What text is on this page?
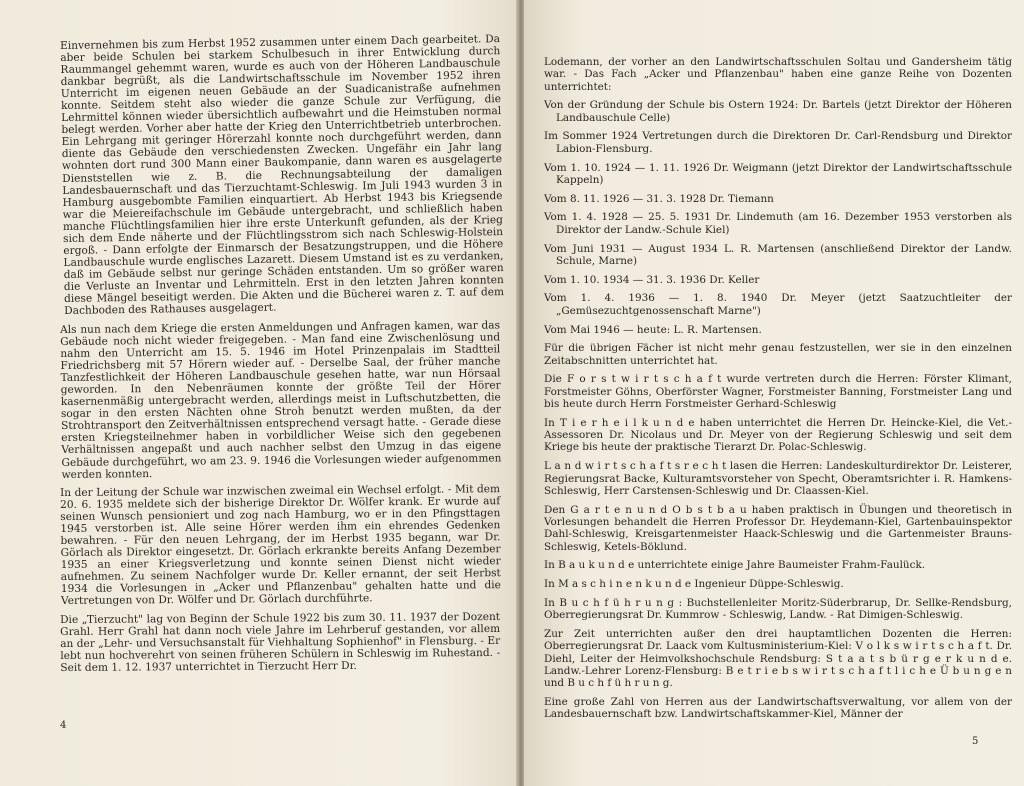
Einvernehmen bis zum Herbst 1952 zusammen unter einem Dach gearbeitet. Da aber beide Schulen bei starkem Schulbesuch in ihrer Entwicklung durch Raummangel gehemmt waren, wurde es auch von der Höheren Landbauschule dankbar begrüßt, als die Landwirtschaftsschule im November 1952 ihren Unterricht im eigenen neuen Gebäude an der Suadicanistraße aufnehmen konnte. Seitdem steht also wieder die ganze Schule zur Verfügung, die Lehrmittel können wieder übersichtlich aufbewahrt und die Heimstuben normal belegt werden. Vorher aber hatte der Krieg den Unterrichtbetrieb unterbrochen. Ein Lehrgang mit geringer Hörerzahl konnte noch durchgeführt werden, dann diente das Gebäude den verschiedensten Zwecken. Ungefähr ein Jahr lang wohnten dort rund 300 Mann einer Baukompanie, dann waren es ausgelagerte Dienststellen wie z. B. die Rechnungsabteilung der damaligen Landesbauernschaft und das Tierzuchtamt-Schleswig. Im Juli 1943 wurden 3 in Hamburg ausgebombte Familien einquartiert. Ab Herbst 1943 bis Kriegsende war die Meiereifachschule im Gebäude untergebracht, und schließlich haben manche Flüchtlingsfamilien hier ihre erste Unterkunft gefunden, als der Krieg sich dem Ende näherte und der Flüchtlingsstrom sich nach Schleswig-Holstein ergoß. - Dann erfolgte der Einmarsch der Besatzungstruppen, und die Höhere Landbauschule wurde englisches Lazarett. Diesem Umstand ist es zu verdanken, daß im Gebäude selbst nur geringe Schäden entstanden. Um so größer waren die Verluste an Inventar und Lehrmitteln. Erst in den letzten Jahren konnten diese Mängel beseitigt werden. Die Akten und die Bücherei waren z. T. auf dem Dachboden des Rathauses ausgelagert.

Als nun nach dem Kriege die ersten Anmeldungen und Anfragen kamen, war das Gebäude noch nicht wieder freigegeben. - Man fand eine Zwischenlösung und nahm den Unterricht am 15. 5. 1946 im Hotel Prinzenpalais im Stadtteil Friedrichsberg mit 57 Hörern wieder auf. - Derselbe Saal, der früher manche Tanzfestlichkeit der Höheren Landbauschule gesehen hatte, war nun Hörsaal geworden. In den Nebenräumen konnte der größte Teil der Hörer kasernenmäßig untergebracht werden, allerdings meist in Luftschutzbetten, die sogar in den ersten Nächten ohne Stroh benutzt werden mußten, da der Strohtransport den Zeitverhältnissen entsprechend versagt hatte. - Gerade diese ersten Kriegsteilnehmer haben in vorbildlicher Weise sich den gegebenen Verhältnissen angepaßt und auch nachher selbst den Umzug in das eigene Gebäude durchgeführt, wo am 23. 9. 1946 die Vorlesungen wieder aufgenommen werden konnten.

In der Leitung der Schule war inzwischen zweimal ein Wechsel erfolgt. - Mit dem 20. 6. 1935 meldete sich der bisherige Direktor Dr. Wölfer krank. Er wurde auf seinen Wunsch pensioniert und zog nach Hamburg, wo er in den Pfingsttagen 1945 verstorben ist. Alle seine Hörer werden ihm ein ehrendes Gedenken bewahren. - Für den neuen Lehrgang, der im Herbst 1935 begann, war Dr. Görlach als Direktor eingesetzt. Dr. Görlach erkrankte bereits Anfang Dezember 1935 an einer Kriegsverletzung und konnte seinen Dienst nicht wieder aufnehmen. Zu seinem Nachfolger wurde Dr. Keller ernannt, der seit Herbst 1934 die Vorlesungen in „Acker und Pflanzenbau" gehalten hatte und die Vertretungen von Dr. Wölfer und Dr. Görlach durchführte.

Die „Tierzucht" lag von Beginn der Schule 1922 bis zum 30. 11. 1937 der Dozent Grahl. Herr Grahl hat dann noch viele Jahre im Lehrberuf gestanden, vor allem an der „Lehr- und Versuchsanstalt für Viehhaltung Sophienhof" in Flensburg. - Er lebt nun hochverehrt von seinen früheren Schülern in Schleswig im Ruhestand. - Seit dem 1. 12. 1937 unterrichtet in Tierzucht Herr Dr.

4

Lodemann, der vorher an den Landwirtschaftsschulen Soltau und Gandersheim tätig war. - Das Fach „Acker und Pflanzenbau" haben eine ganze Reihe von Dozenten unterrichtet:

Von der Gründung der Schule bis Ostern 1924: Dr. Bartels (jetzt Direktor der Höheren Landbauschule Celle)

Im Sommer 1924 Vertretungen durch die Direktoren Dr. Carl-Rendsburg und Direktor Labion-Flensburg.

Vom 1. 10. 1924 — 1. 11. 1926 Dr. Weigmann (jetzt Direktor der Landwirtschaftsschule Kappeln)

Vom 8. 11. 1926 — 31. 3. 1928 Dr. Tiemann

Vom 1. 4. 1928 — 25. 5. 1931 Dr. Lindemuth (am 16. Dezember 1953 verstorben als Direktor der Landw.-Schule Kiel)

Vom Juni 1931 — August 1934 L. R. Martensen (anschließend Direktor der Landw. Schule, Marne)

Vom 1. 10. 1934 — 31. 3. 1936 Dr. Keller

Vom 1. 4. 1936 — 1. 8. 1940 Dr. Meyer (jetzt Saatzuchtleiter der „Gemüsezuchtgenossenschaft Marne")

Vom Mai 1946 — heute: L. R. Martensen.

Für die übrigen Fächer ist nicht mehr genau festzustellen, wer sie in den einzelnen Zeitabschnitten unterrichtet hat.

Die F o r s t w i r t s c h a f t wurde vertreten durch die Herren: Förster Klimant, Forstmeister Göhns, Oberförster Wagner, Forstmeister Banning, Forstmeister Lang und bis heute durch Herrn Forstmeister Gerhard-Schleswig

In T i e r h e i l k u n d e haben unterrichtet die Herren Dr. Heincke-Kiel, die Vet.-Assessoren Dr. Nicolaus und Dr. Meyer von der Regierung Schleswig und seit dem Kriege bis heute der praktische Tierarzt Dr. Polac-Schleswig.

L a n d w i r t s c h a f t s r e c h t lasen die Herren: Landeskulturdirektor Dr. Leisterer, Regierungsrat Backe, Kulturamtsvorsteher von Specht, Oberamtsrichter i. R. Hamkens-Schleswig, Herr Carstensen-Schleswig und Dr. Claassen-Kiel.

Den G a r t e n u n d O b s t b a u haben praktisch in Übungen und theoretisch in Vorlesungen behandelt die Herren Professor Dr. Heydemann-Kiel, Gartenbauinspektor Dahl-Schleswig, Kreisgartenmeister Haack-Schleswig und die Gartenmeister Brauns-Schleswig, Ketels-Böklund.

In B a u k u n d e unterrichtete einige Jahre Baumeister Frahm-Faulück.

In M a s c h i n e n k u n d e Ingenieur Düppe-Schleswig.

In B u c h f ü h r u n g : Buchstellenleiter Moritz-Süderbrarup, Dr. Sellke-Rendsburg, Oberregierungsrat Dr. Kummrow - Schleswig, Landw. - Rat Dimigen-Schleswig.

Zur Zeit unterrichten außer den drei hauptamtlichen Dozenten die Herren: Oberregierungsrat Dr. Laack vom Kultusministerium-Kiel: V o l k s w i r t s c h a f t. Dr. Diehl, Leiter der Heimvolkshochschule Rendsburg: S t a a t s b ü r g e r k u n d e. Landw.-Lehrer Lorenz-Flensburg: B e t r i e b s w i r t s c h a f t l i c h e Ü b u n g e n und B u c h f ü h r u n g.

Eine große Zahl von Herren aus der Landwirtschaftsverwaltung, vor allem von der Landesbauernschaft bzw. Landwirtschaftskammer-Kiel, Männer der

5
